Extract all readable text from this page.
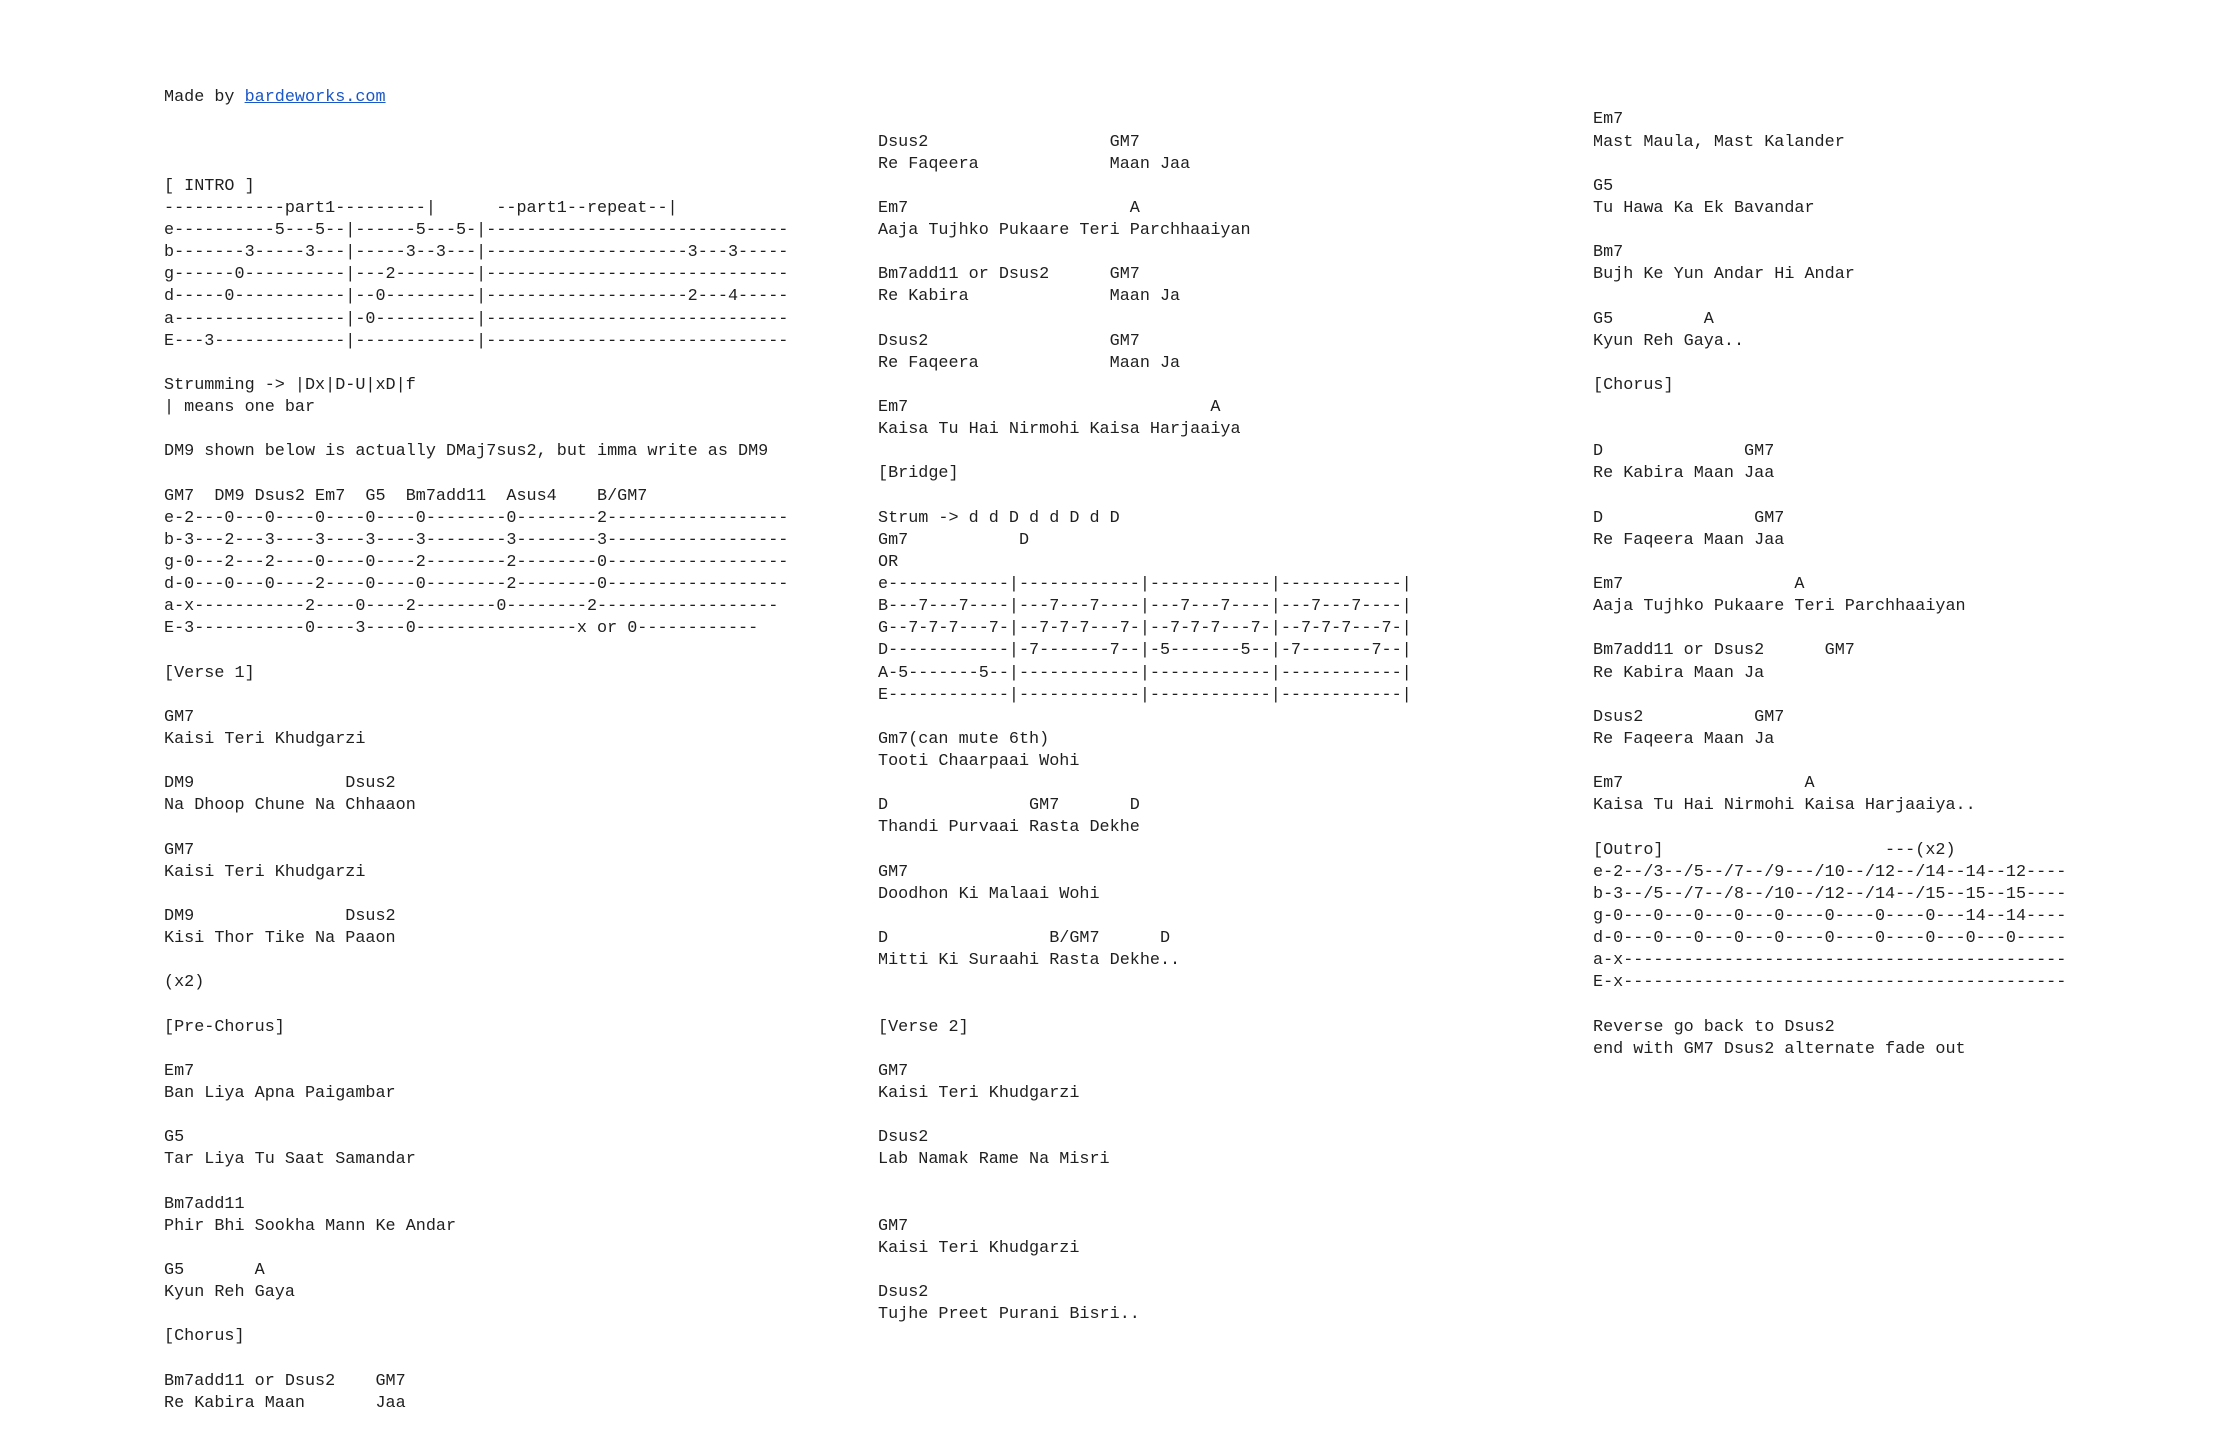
Made by bardeworks.com

[ INTRO ]
------------part1---------|      --part1--repeat--|
e----------5---5--|------5---5-|------------------------------
b-------3-----3---|-----3--3---|--------------------3---3-----
g------0----------|---2--------|------------------------------
d-----0-----------|--0---------|--------------------2---4-----
a-----------------|-0----------|------------------------------
E---3-------------|------------|------------------------------
Strumming -> |Dx|D-U|xD|f
| means one bar
DM9 shown below is actually DMaj7sus2, but imma write as DM9
GM7  DM9 Dsus2 Em7  G5  Bm7add11  Asus4    B/GM7
e-2---0---0----0----0----0--------0--------2------------------
b-3---2---3----3----3----3--------3--------3------------------
g-0---2---2----0----0----2--------2--------0------------------
d-0---0---0----2----0----0--------2--------0------------------
a-x-----------2----0----2--------0--------2------------------
E-3-----------0----3----0----------------x or 0------------
[Verse 1]
GM7
Kaisi Teri Khudgarzi
DM9               Dsus2
Na Dhoop Chune Na Chhaaon
GM7
Kaisi Teri Khudgarzi
DM9               Dsus2
Kisi Thor Tike Na Paaon
(x2)
[Pre-Chorus]
Em7
Ban Liya Apna Paigambar
G5
Tar Liya Tu Saat Samandar
Bm7add11
Phir Bhi Sookha Mann Ke Andar
G5       A
Kyun Reh Gaya
[Chorus]
Bm7add11 or Dsus2    GM7
Re Kabira Maan       Jaa

Dsus2                  GM7
Re Faqeera             Maan Jaa
Em7                      A
Aaja Tujhko Pukaare Teri Parchhaaiyan
Bm7add11 or Dsus2      GM7
Re Kabira              Maan Ja
Dsus2                  GM7
Re Faqeera             Maan Ja
Em7                              A
Kaisa Tu Hai Nirmohi Kaisa Harjaaiya
[Bridge]
Strum -> d d D d d D d D
Gm7           D
OR
e------------|------------|------------|------------|
B---7---7----|---7---7----|---7---7----|---7---7----|
G--7-7-7---7-|--7-7-7---7-|--7-7-7---7-|--7-7-7---7-|
D------------|-7-------7--|-5-------5--|-7-------7--|
A-5-------5--|------------|------------|------------|
E------------|------------|------------|------------|
Gm7(can mute 6th)
Tooti Chaarpaai Wohi
D              GM7       D
Thandi Purvaai Rasta Dekhe
GM7
Doodhon Ki Malaai Wohi
D                B/GM7      D
Mitti Ki Suraahi Rasta Dekhe..
[Verse 2]
GM7
Kaisi Teri Khudgarzi
Dsus2
Lab Namak Rame Na Misri
GM7
Kaisi Teri Khudgarzi
Dsus2
Tujhe Preet Purani Bisri..

Em7
Mast Maula, Mast Kalander
G5
Tu Hawa Ka Ek Bavandar
Bm7
Bujh Ke Yun Andar Hi Andar
G5         A
Kyun Reh Gaya..
[Chorus]
D              GM7
Re Kabira Maan Jaa
D               GM7
Re Faqeera Maan Jaa
Em7                 A
Aaja Tujhko Pukaare Teri Parchhaaiyan
Bm7add11 or Dsus2      GM7
Re Kabira Maan Ja
Dsus2           GM7
Re Faqeera Maan Ja
Em7                  A
Kaisa Tu Hai Nirmohi Kaisa Harjaaiya..
[Outro]                      ---(x2)
e-2--/3--/5--/7--/9---/10--/12--/14--14--12----
b-3--/5--/7--/8--/10--/12--/14--/15--15--15----
g-0---0---0---0---0----0----0----0---14--14----
d-0---0---0---0---0----0----0----0---0---0-----
a-x--------------------------------------------
E-x--------------------------------------------
Reverse go back to Dsus2
end with GM7 Dsus2 alternate fade out
